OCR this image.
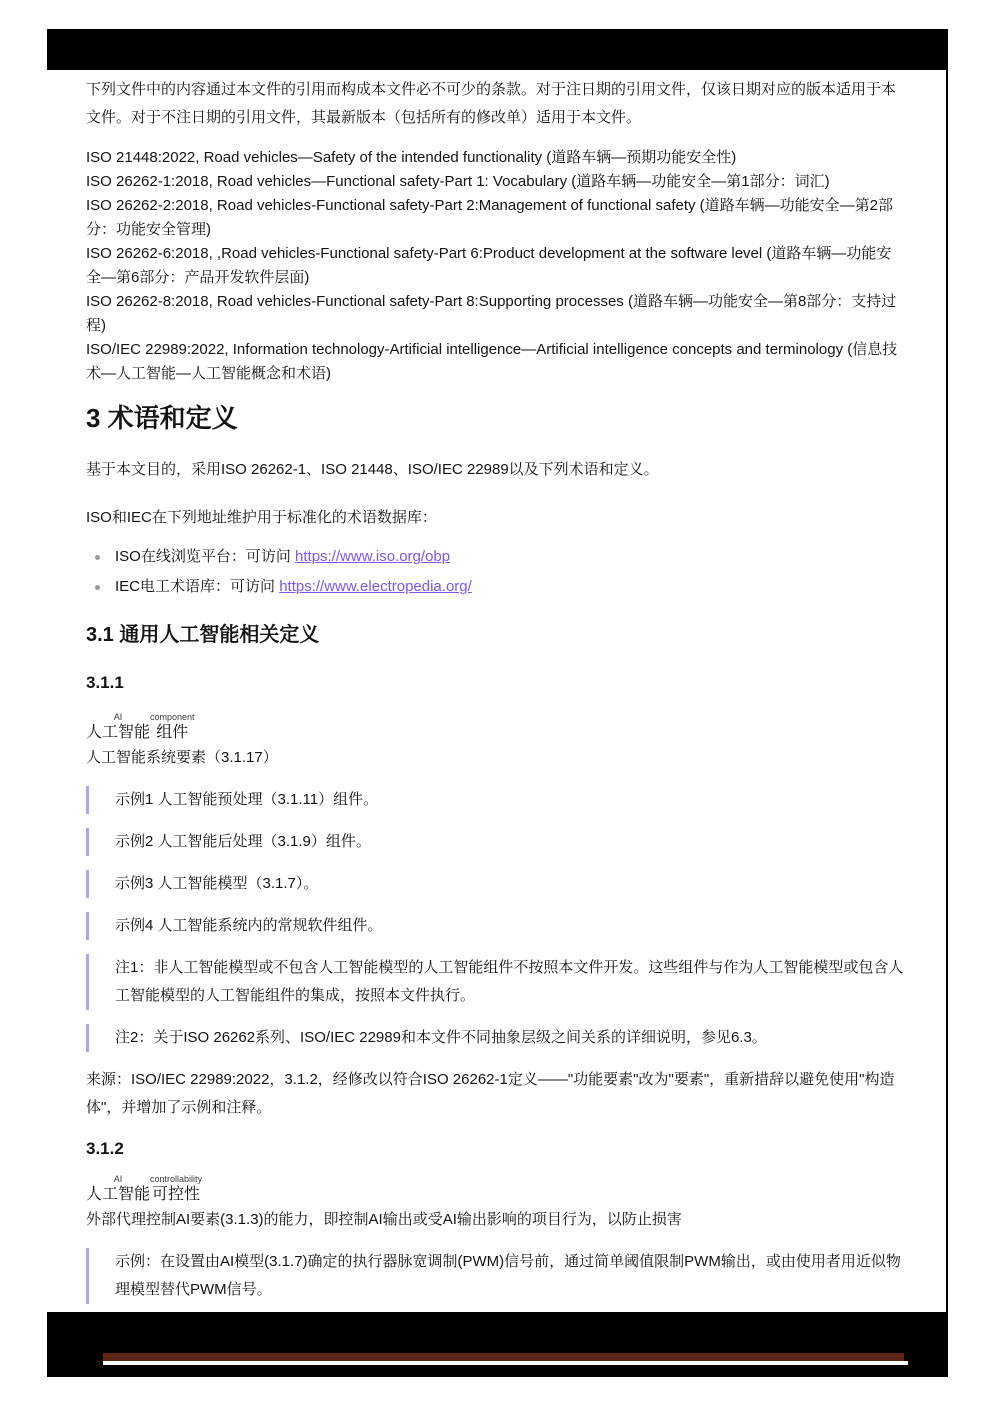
下列文件中的内容通过本文件的引用而构成本文件必不可少的条款。对于注日期的引用文件，仅该日期对应的版本适用于本文件。对于不注日期的引用文件，其最新版本（包括所有的修改单）适用于本文件。

ISO 21448:2022, Road vehicles—Safety of the intended functionality (道路车辆—预期功能安全性)

ISO 26262-1:2018, Road vehicles—Functional safety-Part 1: Vocabulary (道路车辆—功能安全—第1部分：词汇)

ISO 26262-2:2018, Road vehicles-Functional safety-Part 2:Management of functional safety (道路车辆—功能安全—第2部分：功能安全管理)

ISO 26262-6:2018, ,Road vehicles-Functional safety-Part 6:Product development at the software level (道路车辆—功能安全—第6部分：产品开发软件层面)

ISO 26262-8:2018, Road vehicles-Functional safety-Part 8:Supporting processes (道路车辆—功能安全—第8部分：支持过程)

ISO/IEC 22989:2022, Information technology-Artificial intelligence—Artificial intelligence concepts and terminology (信息技术—人工智能—人工智能概念和术语)

3 术语和定义

基于本文目的，采用ISO 26262-1、ISO 21448、ISO/IEC 22989以及下列术语和定义。

ISO和IEC在下列地址维护用于标准化的术语数据库：

ISO在线浏览平台：可访问 https://www.iso.org/obp
IEC电工术语库：可访问 https://www.electropedia.org/
3.1 通用人工智能相关定义
3.1.1
AI
人工智能
component
组件

人工智能系统要素（3.1.17）

示例1 人工智能预处理（3.1.11）组件。
示例2 人工智能后处理（3.1.9）组件。
示例3 人工智能模型（3.1.7）。
示例4 人工智能系统内的常规软件组件。
注1：非人工智能模型或不包含人工智能模型的人工智能组件不按照本文件开发。这些组件与作为人工智能模型或包含人工智能模型的人工智能组件的集成，按照本文件执行。
注2：关于ISO 26262系列、ISO/IEC 22989和本文件不同抽象层级之间关系的详细说明，参见6.3。

来源：ISO/IEC 22989:2022，3.1.2，经修改以符合ISO 26262-1定义——"功能要素"改为"要素"，重新措辞以避免使用"构造体"，并增加了示例和注释。

3.1.2
AI
人工智能
controllability
可控性

外部代理控制AI要素(3.1.3)的能力，即控制AI输出或受AI输出影响的项目行为，以防止损害

示例：在设置由AI模型(3.1.7)确定的执行器脉宽调制(PWM)信号前，通过简单阈值限制PWM输出，或由使用者用近似物理模型替代PWM信号。
